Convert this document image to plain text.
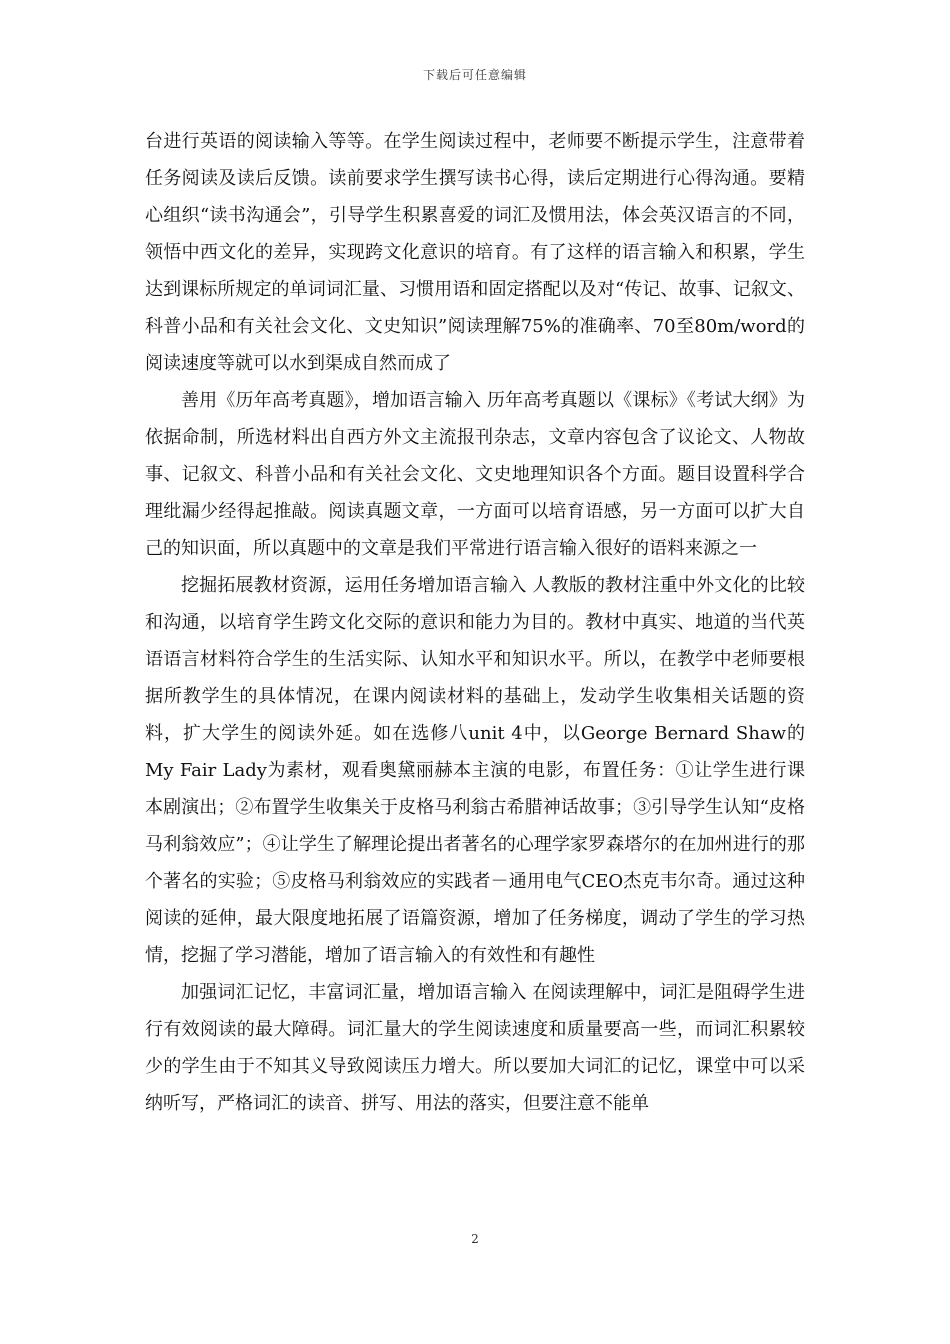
下载后可任意编辑

台进行英语的阅读输入等等。在学生阅读过程中，老师要不断提示学生，注意带着任务阅读及读后反馈。读前要求学生撰写读书心得，读后定期进行心得沟通。要精心组织“读书沟通会”，引导学生积累喜爱的词汇及惯用法，体会英汉语言的不同，领悟中西文化的差异，实现跨文化意识的培育。有了这样的语言输入和积累，学生达到课标所规定的单词词汇量、习惯用语和固定搭配以及对“传记、故事、记叙文、科普小品和有关社会文化、文史知识”阅读理解75%的准确率、70至80m/word的阅读速度等就可以水到渠成自然而成了

善用《历年高考真题》，增加语言输入 历年高考真题以《课标》《考试大纲》为依据命制，所选材料出自西方外文主流报刊杂志，文章内容包含了议论文、人物故事、记叙文、科普小品和有关社会文化、文史地理知识各个方面。题目设置科学合理纰漏少经得起推敲。阅读真题文章，一方面可以培育语感，另一方面可以扩大自己的知识面，所以真题中的文章是我们平常进行语言输入很好的语料来源之一

挖掘拓展教材资源，运用任务增加语言输入 人教版的教材注重中外文化的比较和沟通，以培育学生跨文化交际的意识和能力为目的。教材中真实、地道的当代英语语言材料符合学生的生活实际、认知水平和知识水平。所以，在教学中老师要根据所教学生的具体情况，在课内阅读材料的基础上，发动学生收集相关话题的资料，扩大学生的阅读外延。如在选修八unit 4中，以George Bernard Shaw的My Fair Lady为素材，观看奥黛丽赫本主演的电影，布置任务：①让学生进行课本剧演出；②布置学生收集关于皮格马利翁古希腊神话故事；③引导学生认知“皮格马利翁效应”；④让学生了解理论提出者著名的心理学家罗森塔尔的在加州进行的那个著名的实验；⑤皮格马利翁效应的实践者－通用电气CEO杰克韦尔奇。通过这种阅读的延伸，最大限度地拓展了语篇资源，增加了任务梯度，调动了学生的学习热情，挖掘了学习潜能，增加了语言输入的有效性和有趣性

加强词汇记忆，丰富词汇量，增加语言输入 在阅读理解中，词汇是阻碍学生进行有效阅读的最大障碍。词汇量大的学生阅读速度和质量要高一些，而词汇积累较少的学生由于不知其义导致阅读压力增大。所以要加大词汇的记忆，课堂中可以采纳听写，严格词汇的读音、拼写、用法的落实，但要注意不能单

2
